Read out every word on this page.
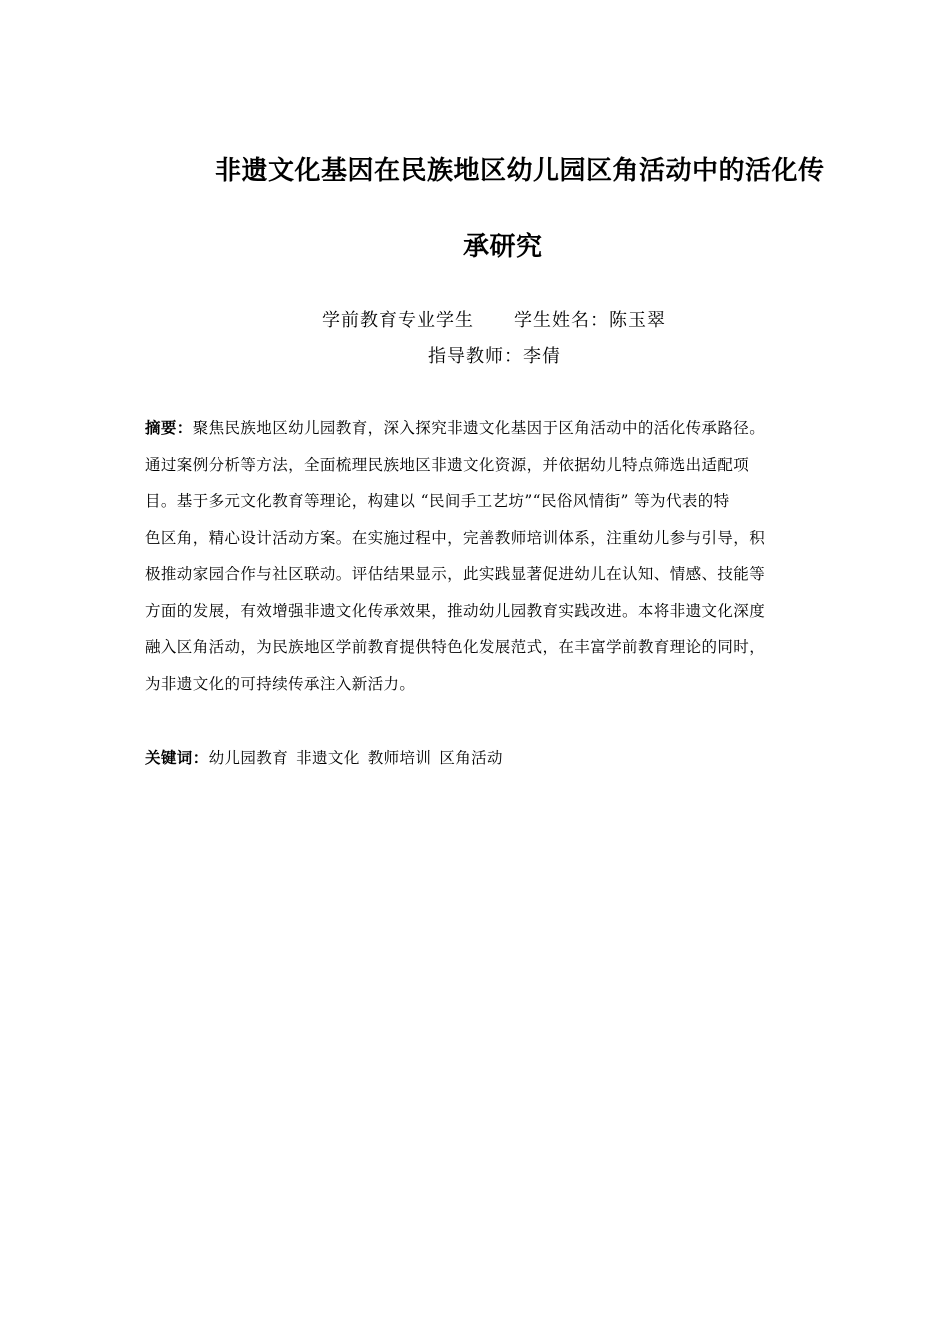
非遗文化基因在民族地区幼儿园区角活动中的活化传
承研究
学前教育专业学生 学生姓名：陈玉翠
指导教师：李倩
摘要：聚焦民族地区幼儿园教育，深入探究非遗文化基因于区角活动中的活化传承路径。
通过案例分析等方法，全面梳理民族地区非遗文化资源，并依据幼儿特点筛选出适配项
目。基于多元文化教育等理论，构建以 “民间手工艺坊”“民俗风情街” 等为代表的特
色区角，精心设计活动方案。在实施过程中，完善教师培训体系，注重幼儿参与引导，积
极推动家园合作与社区联动。评估结果显示，此实践显著促进幼儿在认知、情感、技能等
方面的发展，有效增强非遗文化传承效果，推动幼儿园教育实践改进。本将非遗文化深度
融入区角活动，为民族地区学前教育提供特色化发展范式，在丰富学前教育理论的同时，
为非遗文化的可持续传承注入新活力。
关键词：幼儿园教育 非遗文化 教师培训 区角活动
